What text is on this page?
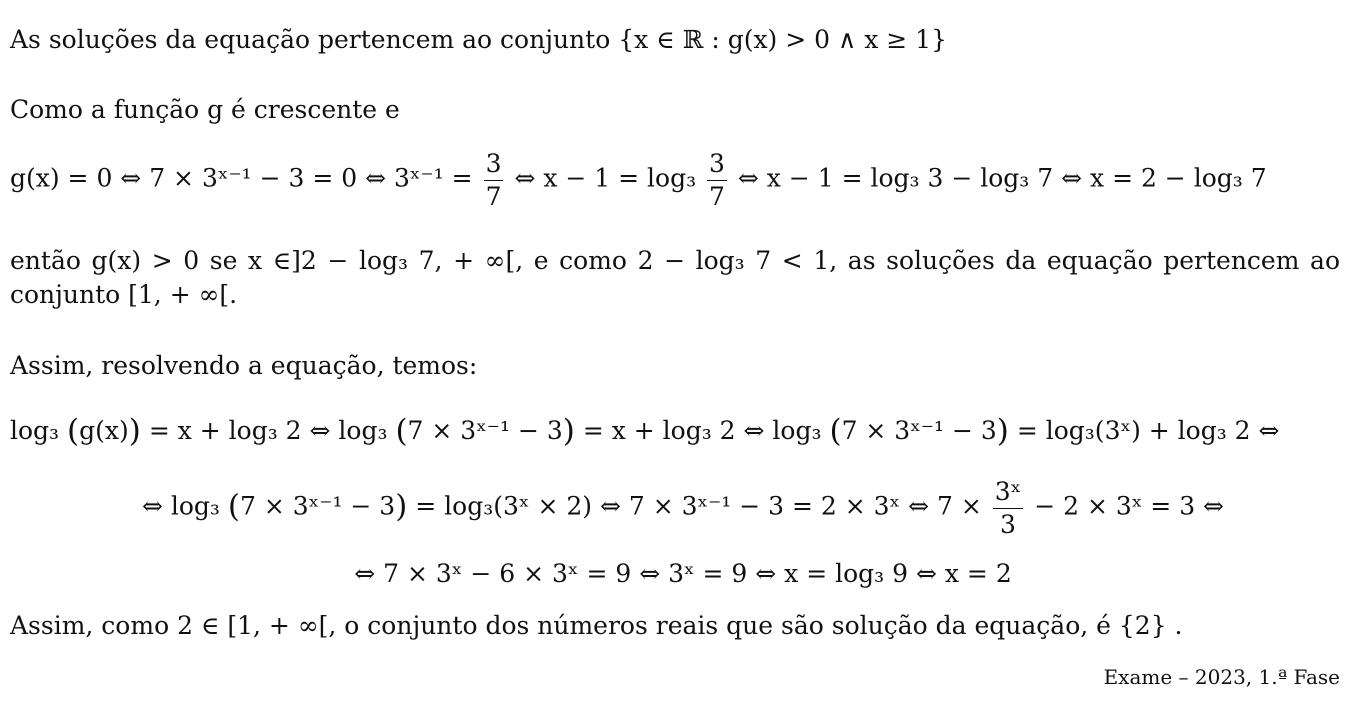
As soluções da equação pertencem ao conjunto {x ∈ ℝ : g(x) > 0 ∧ x ≥ 1}
Como a função g é crescente e
g(x) = 0 ⇔ 7 × 3ˣ⁻¹ − 3 = 0 ⇔ 3ˣ⁻¹ = $\frac{3}{7}$ ⇔ $x - 1 = \log_3 \frac{3}{7}$ ⇔ x − 1 = log₃ 3 − log₃ 7 ⇔ x = 2 − log₃ 7
então g(x) > 0 se x ∈]2 − log₃ 7, + ∞[, e como 2 − log₃ 7 < 1, as soluções da equação pertencem ao conjunto [1, + ∞[.
Assim, resolvendo a equação, temos:
log₃ (g(x)) = x + log₃ 2 ⇔ log₃ (7 × 3ˣ⁻¹ − 3) = x + log₃ 2 ⇔ log₃ (7 × 3ˣ⁻¹ − 3) = log₃(3ˣ) + log₃ 2 ⇔
⇔ log₃ (7 × 3ˣ⁻¹ − 3) = log₃(3ˣ × 2) ⇔ 7 × 3ˣ⁻¹ − 3 = 2 × 3ˣ ⇔ $7 \times \frac{\text{3ˣ}}{3} - 2$ × 3ˣ = 3 ⇔
⇔ 7 × 3ˣ − 6 × 3ˣ = 9 ⇔ 3ˣ = 9 ⇔ x = log₃ 9 ⇔ x = 2
Assim, como 2 ∈ [1, + ∞[, o conjunto dos números reais que são solução da equação, é {2} .
Exame – 2023, 1.ª Fase
